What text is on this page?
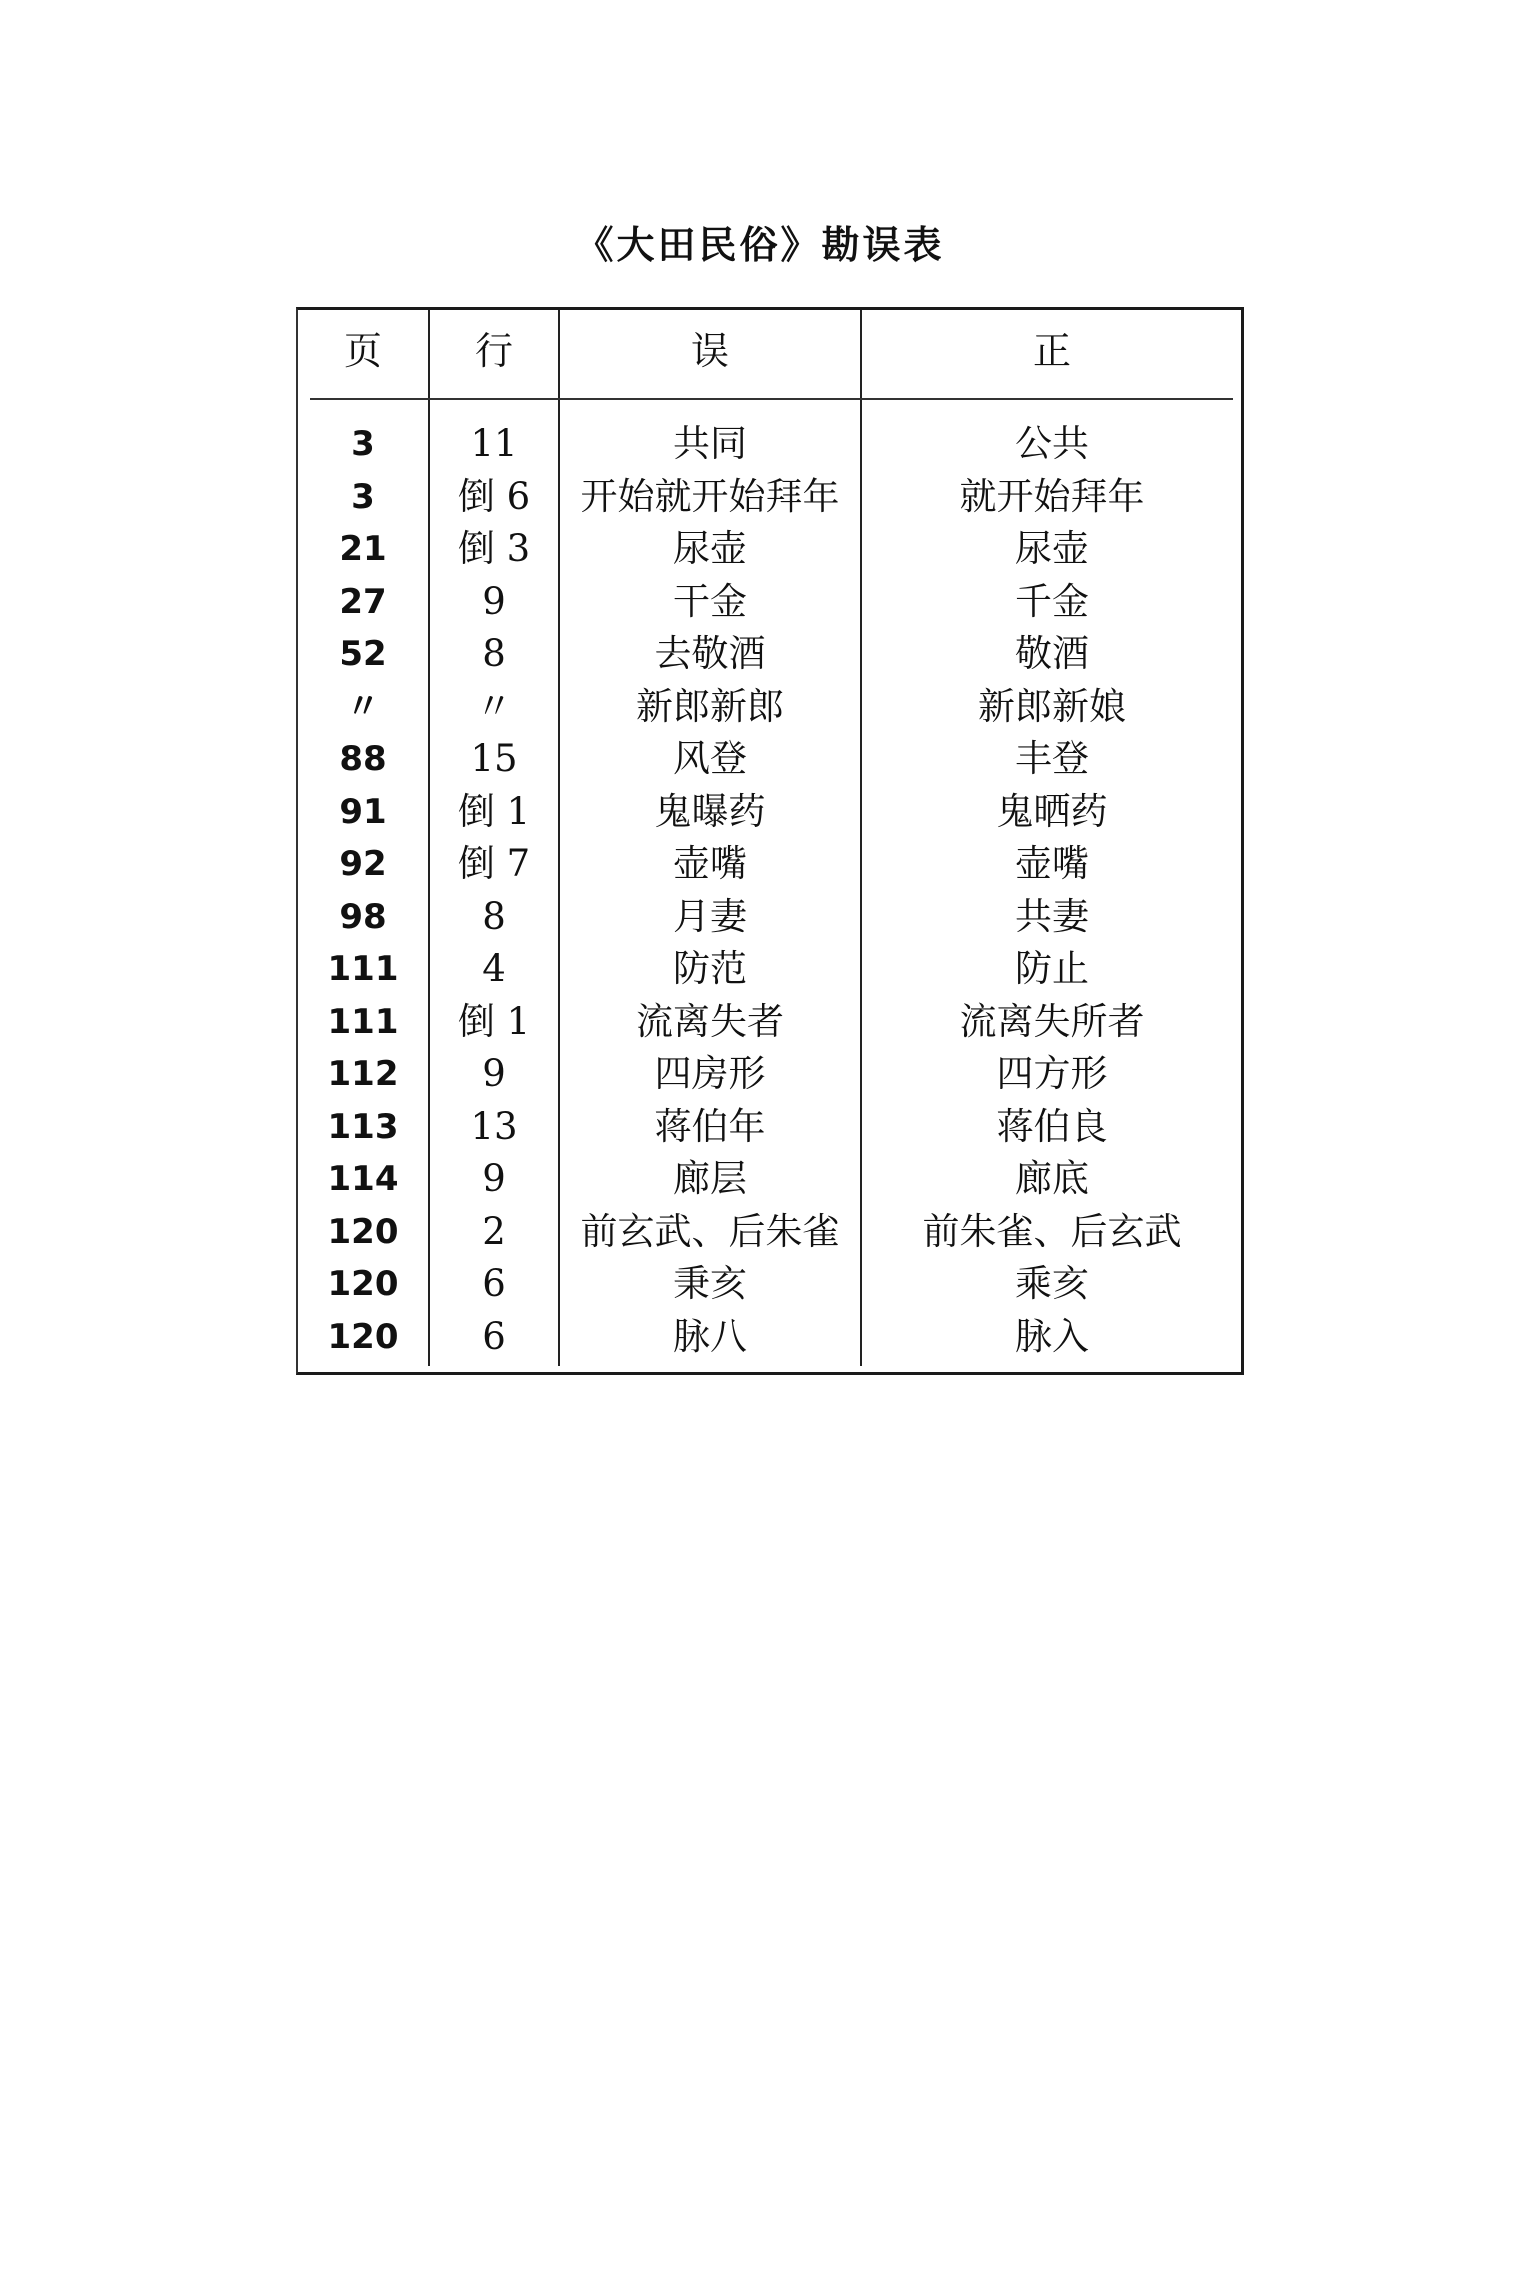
《大田民俗》勘误表
页	行	误	正
3	11	共同	公共
3	倒 6	开始就开始拜年	就开始拜年
21	倒 3	尿壶	尿壶
27	9	干金	千金
52	8	去敬酒	敬酒
〃	〃	新郎新郎	新郎新娘
88	15	风登	丰登
91	倒 1	鬼曝药	鬼晒药
92	倒 7	壶嘴	壶嘴
98	8	月妻	共妻
111	4	防范	防止
111	倒 1	流离失者	流离失所者
112	9	四房形	四方形
113	13	蒋伯年	蒋伯良
114	9	廊层	廊底
120	2	前玄武、后朱雀	前朱雀、后玄武
120	6	秉亥	乘亥
120	6	脉八	脉入
